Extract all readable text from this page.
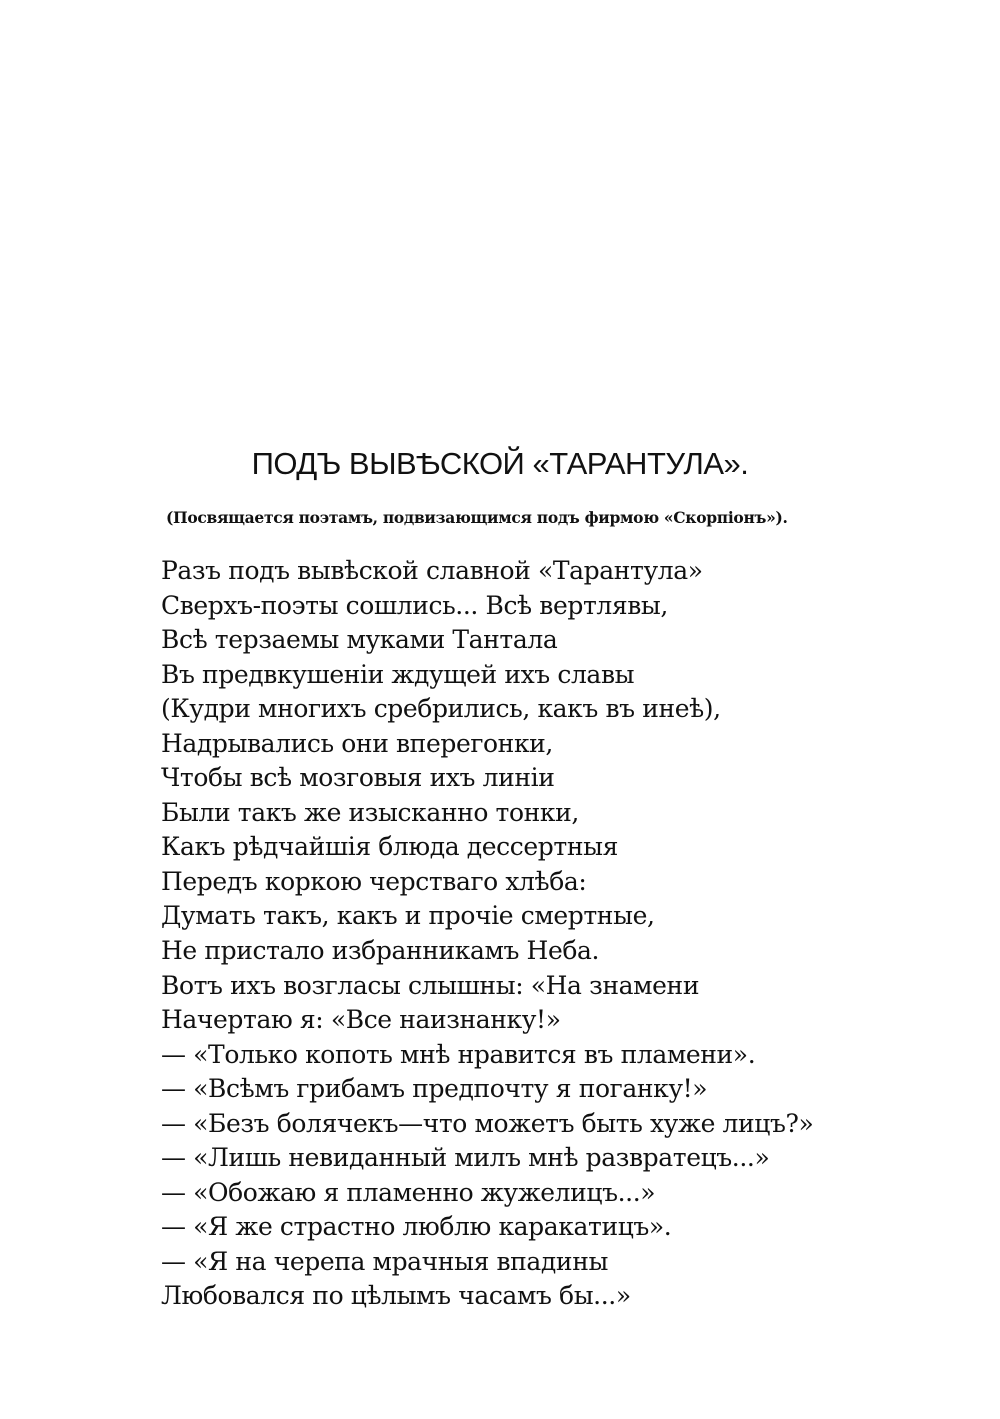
ПОДЪ ВЫВѢСКОЙ «ТАРАНТУЛА».
(Посвящается поэтамъ, подвизающимся подъ фирмою «Скорпіонъ»).
Разъ подъ вывѣской славной «Тарантула»
Сверхъ-поэты сошлись... Всѣ вертлявы,
Всѣ терзаемы муками Тантала
Въ предвкушеніи ждущей ихъ славы
(Кудри многихъ сребрились, какъ въ инеѣ),
Надрывались они вперегонки,
Чтобы всѣ мозговыя ихъ линіи
Были такъ же изысканно тонки,
Какъ рѣдчайшія блюда дессертныя
Передъ коркою черстваго хлѣба:
Думать такъ, какъ и прочіе смертные,
Не пристало избранникамъ Неба.
Вотъ ихъ возгласы слышны: «На знамени
Начертаю я: «Все наизнанку!»
— «Только копоть мнѣ нравится въ пламени».
— «Всѣмъ грибамъ предпочту я поганку!»
— «Безъ болячекъ—что можетъ быть хуже лицъ?»
— «Лишь невиданный милъ мнѣ развратецъ...»
— «Обожаю я пламенно жужелицъ...»
— «Я же страстно люблю каракатицъ».
— «Я на черепа мрачныя впадины
Любовался по цѣлымъ часамъ бы...»
